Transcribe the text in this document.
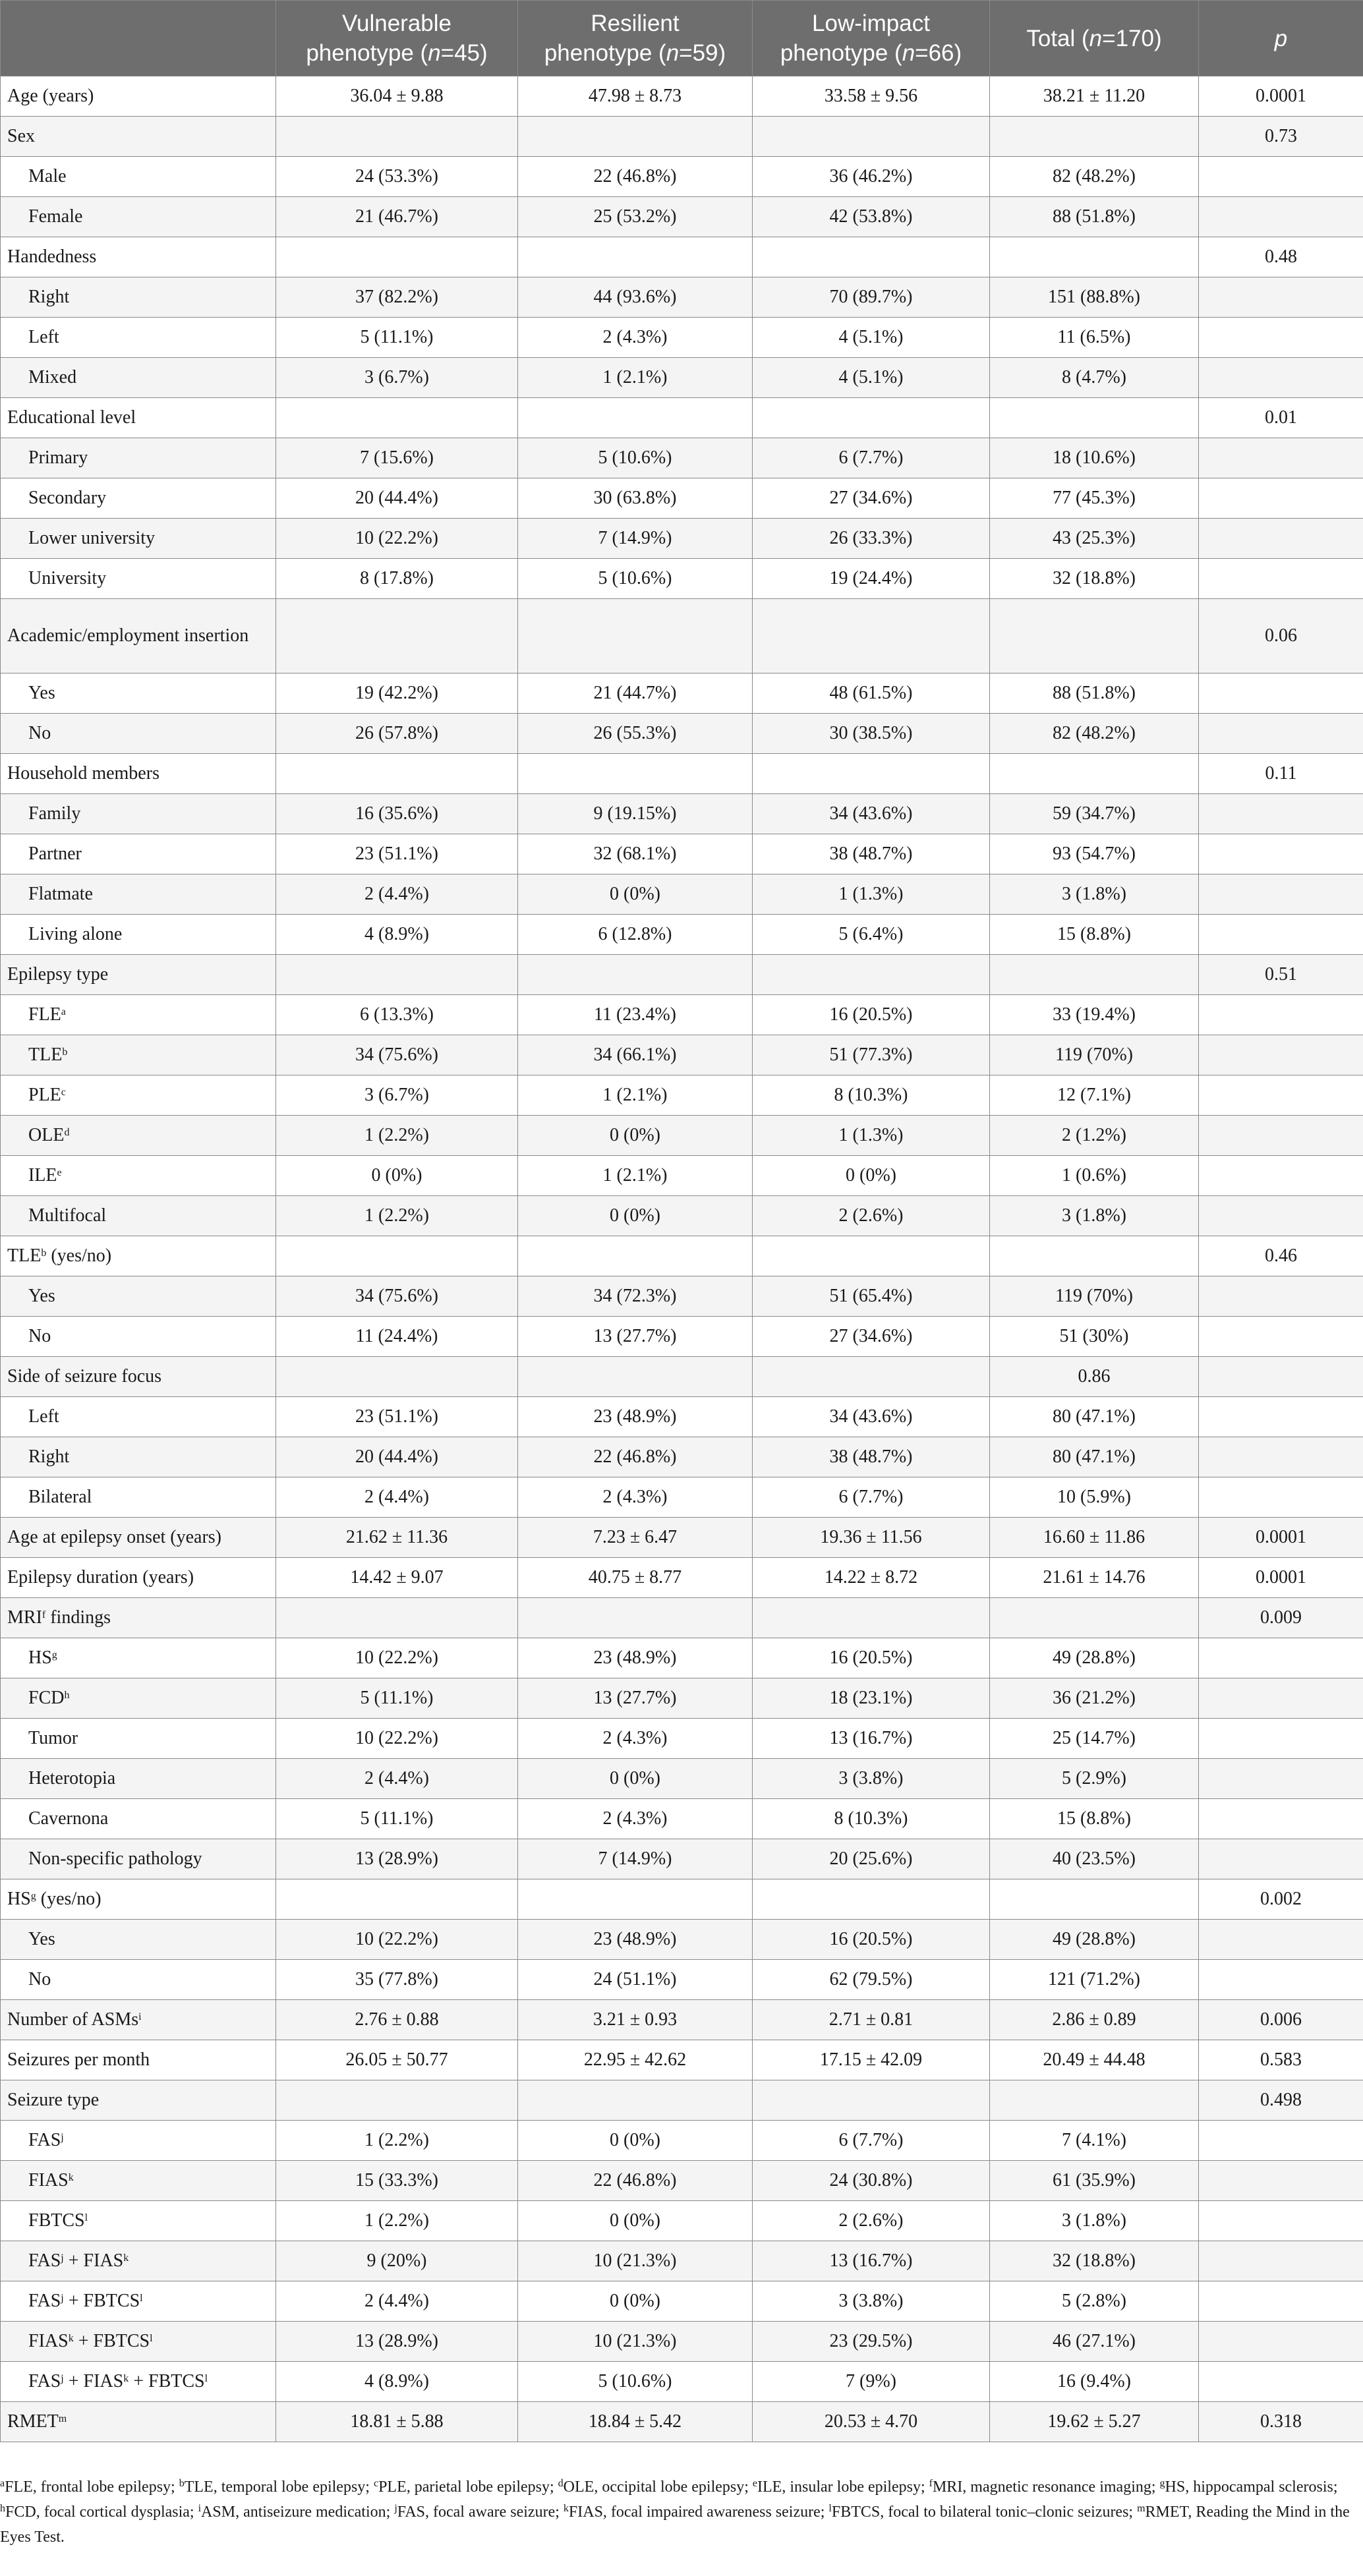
	Vulnerable
phenotype (n=45)	Resilient
phenotype (n=59)	Low-impact
phenotype (n=66)	Total (n=170)	p
Age (years)	36.04 ± 9.88	47.98 ± 8.73	33.58 ± 9.56	38.21 ± 11.20	0.0001
Sex					0.73
Male	24 (53.3%)	22 (46.8%)	36 (46.2%)	82 (48.2%)	
Female	21 (46.7%)	25 (53.2%)	42 (53.8%)	88 (51.8%)	
Handedness					0.48
Right	37 (82.2%)	44 (93.6%)	70 (89.7%)	151 (88.8%)	
Left	5 (11.1%)	2 (4.3%)	4 (5.1%)	11 (6.5%)	
Mixed	3 (6.7%)	1 (2.1%)	4 (5.1%)	8 (4.7%)	
Educational level					0.01
Primary	7 (15.6%)	5 (10.6%)	6 (7.7%)	18 (10.6%)	
Secondary	20 (44.4%)	30 (63.8%)	27 (34.6%)	77 (45.3%)	
Lower university	10 (22.2%)	7 (14.9%)	26 (33.3%)	43 (25.3%)	
University	8 (17.8%)	5 (10.6%)	19 (24.4%)	32 (18.8%)	
Academic/employment insertion					0.06
Yes	19 (42.2%)	21 (44.7%)	48 (61.5%)	88 (51.8%)	
No	26 (57.8%)	26 (55.3%)	30 (38.5%)	82 (48.2%)	
Household members					0.11
Family	16 (35.6%)	9 (19.15%)	34 (43.6%)	59 (34.7%)	
Partner	23 (51.1%)	32 (68.1%)	38 (48.7%)	93 (54.7%)	
Flatmate	2 (4.4%)	0 (0%)	1 (1.3%)	3 (1.8%)	
Living alone	4 (8.9%)	6 (12.8%)	5 (6.4%)	15 (8.8%)	
Epilepsy type					0.51
FLE$^a$	6 (13.3%)	11 (23.4%)	16 (20.5%)	33 (19.4%)	
TLE$^b$	34 (75.6%)	34 (66.1%)	51 (77.3%)	119 (70%)	
PLE$^c$	3 (6.7%)	1 (2.1%)	8 (10.3%)	12 (7.1%)	
OLE$^d$	1 (2.2%)	0 (0%)	1 (1.3%)	2 (1.2%)	
ILE$^e$	0 (0%)	1 (2.1%)	0 (0%)	1 (0.6%)	
Multifocal	1 (2.2%)	0 (0%)	2 (2.6%)	3 (1.8%)	
TLE$^b$ (yes/no)					0.46
Yes	34 (75.6%)	34 (72.3%)	51 (65.4%)	119 (70%)	
No	11 (24.4%)	13 (27.7%)	27 (34.6%)	51 (30%)	
Side of seizure focus				0.86	
Left	23 (51.1%)	23 (48.9%)	34 (43.6%)	80 (47.1%)	
Right	20 (44.4%)	22 (46.8%)	38 (48.7%)	80 (47.1%)	
Bilateral	2 (4.4%)	2 (4.3%)	6 (7.7%)	10 (5.9%)	
Age at epilepsy onset (years)	21.62 ± 11.36	7.23 ± 6.47	19.36 ± 11.56	16.60 ± 11.86	0.0001
Epilepsy duration (years)	14.42 ± 9.07	40.75 ± 8.77	14.22 ± 8.72	21.61 ± 14.76	0.0001
MRI$^f$ findings					0.009
$HS^g$	10 (22.2%)	23 (48.9%)	16 (20.5%)	49 (28.8%)	
FCD$^h$	5 (11.1%)	13 (27.7%)	18 (23.1%)	36 (21.2%)	
Tumor	10 (22.2%)	2 (4.3%)	13 (16.7%)	25 (14.7%)	
Heterotopia	2 (4.4%)	0 (0%)	3 (3.8%)	5 (2.9%)	
Cavernona	5 (11.1%)	2 (4.3%)	8 (10.3%)	15 (8.8%)	
Non-specific pathology	13 (28.9%)	7 (14.9%)	20 (25.6%)	40 (23.5%)	
$HS^g$ (yes/no)					0.002
Yes	10 (22.2%)	23 (48.9%)	16 (20.5%)	49 (28.8%)	
No	35 (77.8%)	24 (51.1%)	62 (79.5%)	121 (71.2%)	
Number of ASMs$^i$	2.76 ± 0.88	3.21 ± 0.93	2.71 ± 0.81	2.86 ± 0.89	0.006
Seizures per month	26.05 ± 50.77	22.95 ± 42.62	17.15 ± 42.09	20.49 ± 44.48	0.583
Seizure type					0.498
FAS$^j$	1 (2.2%)	0 (0%)	6 (7.7%)	7 (4.1%)	
FIAS$^k$	15 (33.3%)	22 (46.8%)	24 (30.8%)	61 (35.9%)	
FBTCS$^l$	1 (2.2%)	0 (0%)	2 (2.6%)	3 (1.8%)	
$FAS^j$ + $FIAS^k$	9 (20%)	10 (21.3%)	13 (16.7%)	32 (18.8%)	
$FAS^j$ + $FBTCS^l$	2 (4.4%)	0 (0%)	3 (3.8%)	5 (2.8%)	
$FIAS^k$ + $FBTCS^l$	13 (28.9%)	10 (21.3%)	23 (29.5%)	46 (27.1%)	
$FAS^j$ + $FIAS^k$ + $FBTCS^l$	4 (8.9%)	5 (10.6%)	7 (9%)	16 (9.4%)	
RMET$^m$	18.81 ± 5.88	18.84 ± 5.42	20.53 ± 4.70	19.62 ± 5.27	0.318
$^a$FLE, frontal lobe epilepsy; $^b$TLE, temporal lobe epilepsy; $^c$PLE, parietal lobe epilepsy; $^d$OLE, occipital lobe epilepsy; $^e$ILE, insular lobe epilepsy; $^f$MRI, magnetic resonance imaging; $^g$HS, hippocampal sclerosis; $^h$FCD, focal cortical dysplasia; $^i$ASM, antiseizure medication; $^j$FAS, focal aware seizure; $^k$FIAS, focal impaired awareness seizure; $^l$FBTCS, focal to bilateral tonic–clonic seizures; $^m$RMET, Reading the Mind in the Eyes Test.
